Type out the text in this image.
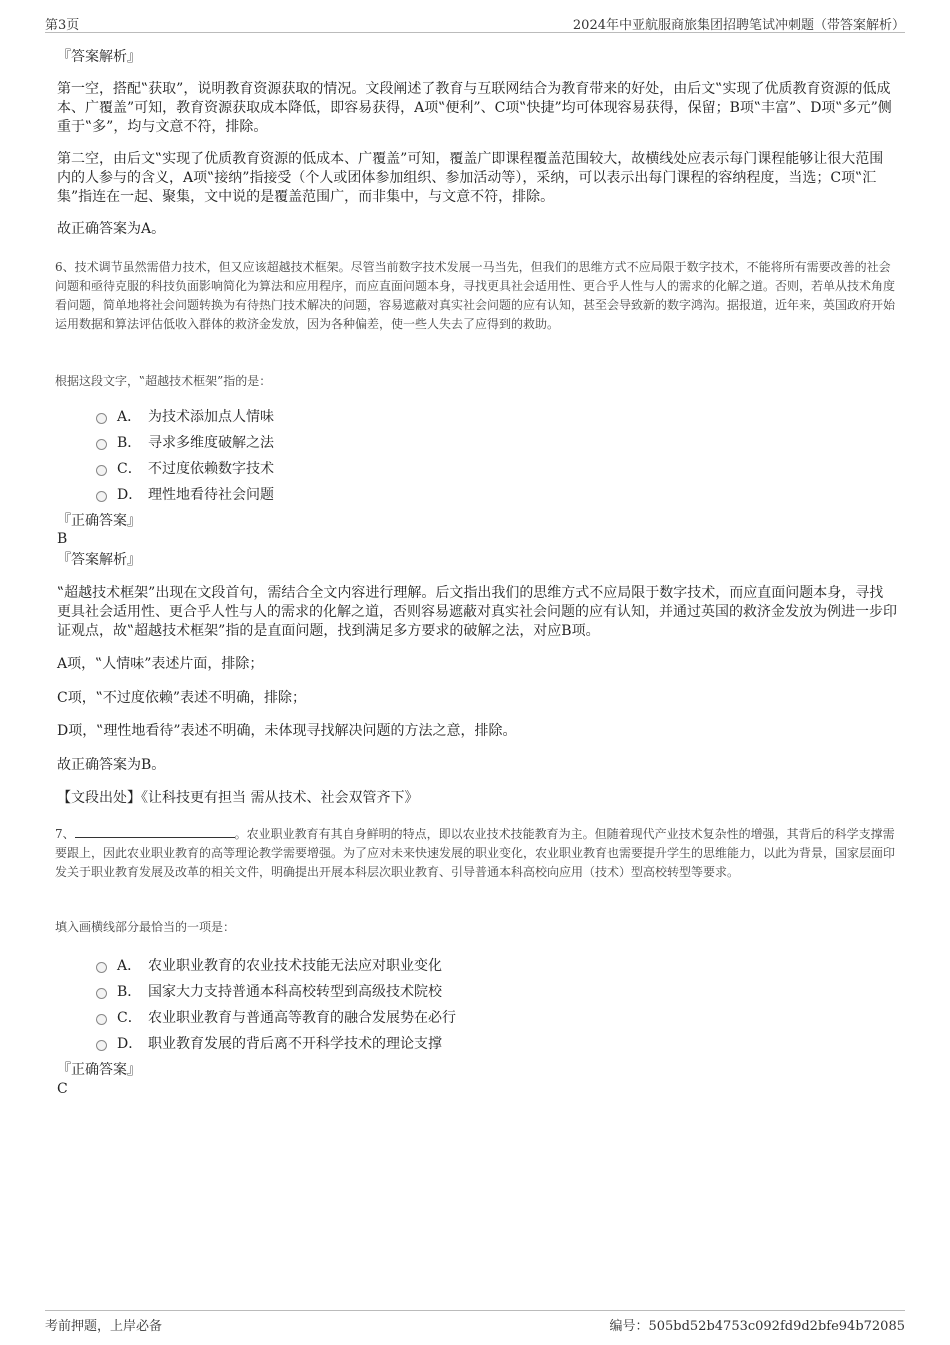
第3页	2024年中亚航服商旅集团招聘笔试冲刺题（带答案解析）
『答案解析』
第一空，搭配‟获取”，说明教育资源获取的情况。文段阐述了教育与互联网结合为教育带来的好处，由后文‟实现了优质教育资源的低成本、广覆盖”可知，教育资源获取成本降低，即容易获得，A项‟便利”、C项‟快捷”均可体现容易获得，保留；B项‟丰富”、D项‟多元”侧重于‟多”，均与文意不符，排除。
第二空，由后文‟实现了优质教育资源的低成本、广覆盖”可知，覆盖广即课程覆盖范围较大，故横线处应表示每门课程能够让很大范围内的人参与的含义，A项‟接纳”指接受（个人或团体参加组织、参加活动等），采纳，可以表示出每门课程的容纳程度，当选；C项‟汇集”指连在一起、聚集，文中说的是覆盖范围广，而非集中，与文意不符，排除。
故正确答案为A。
6、技术调节虽然需借力技术，但又应该超越技术框架。尽管当前数字技术发展一马当先，但我们的思维方式不应局限于数字技术，不能将所有需要改善的社会问题和亟待克服的科技负面影响简化为算法和应用程序，而应直面问题本身，寻找更具社会适用性、更合乎人性与人的需求的化解之道。否则，若单从技术角度看问题，简单地将社会问题转换为有待热门技术解决的问题，容易遮蔽对真实社会问题的应有认知，甚至会导致新的数字鸿沟。据报道，近年来，英国政府开始运用数据和算法评估低收入群体的救济金发放，因为各种偏差，使一些人失去了应得到的救助。
根据这段文字，‟超越技术框架”指的是：
A． 为技术添加点人情味
B． 寻求多维度破解之法
C． 不过度依赖数字技术
D． 理性地看待社会问题
『正确答案』
B
『答案解析』
‟超越技术框架”出现在文段首句，需结合全文内容进行理解。后文指出我们的思维方式不应局限于数字技术，而应直面问题本身，寻找更具社会适用性、更合乎人性与人的需求的化解之道，否则容易遮蔽对真实社会问题的应有认知，并通过英国的救济金发放为例进一步印证观点，故‟超越技术框架”指的是直面问题，找到满足多方要求的破解之法，对应B项。
A项，‟人情味”表述片面，排除；
C项，‟不过度依赖”表述不明确，排除；
D项，‟理性地看待”表述不明确，未体现寻找解决问题的方法之意，排除。
故正确答案为B。
【文段出处】《让科技更有担当 需从技术、社会双管齐下》
7、	。农业职业教育有其自身鲜明的特点，即以农业技术技能教育为主。但随着现代产业技术复杂性的增强，其背后的科学支撑需要跟上，因此农业职业教育的高等理论教学需要增强。为了应对未来快速发展的职业变化，农业职业教育也需要提升学生的思维能力，以此为背景，国家层面印发关于职业教育发展及改革的相关文件，明确提出开展本科层次职业教育、引导普通本科高校向应用（技术）型高校转型等要求。
填入画横线部分最恰当的一项是：
A． 农业职业教育的农业技术技能无法应对职业变化
B． 国家大力支持普通本科高校转型到高级技术院校
C． 农业职业教育与普通高等教育的融合发展势在必行
D． 职业教育发展的背后离不开科学技术的理论支撑
『正确答案』
C
考前押题，上岸必备	编号：505bd52b4753c092fd9d2bfe94b72085
